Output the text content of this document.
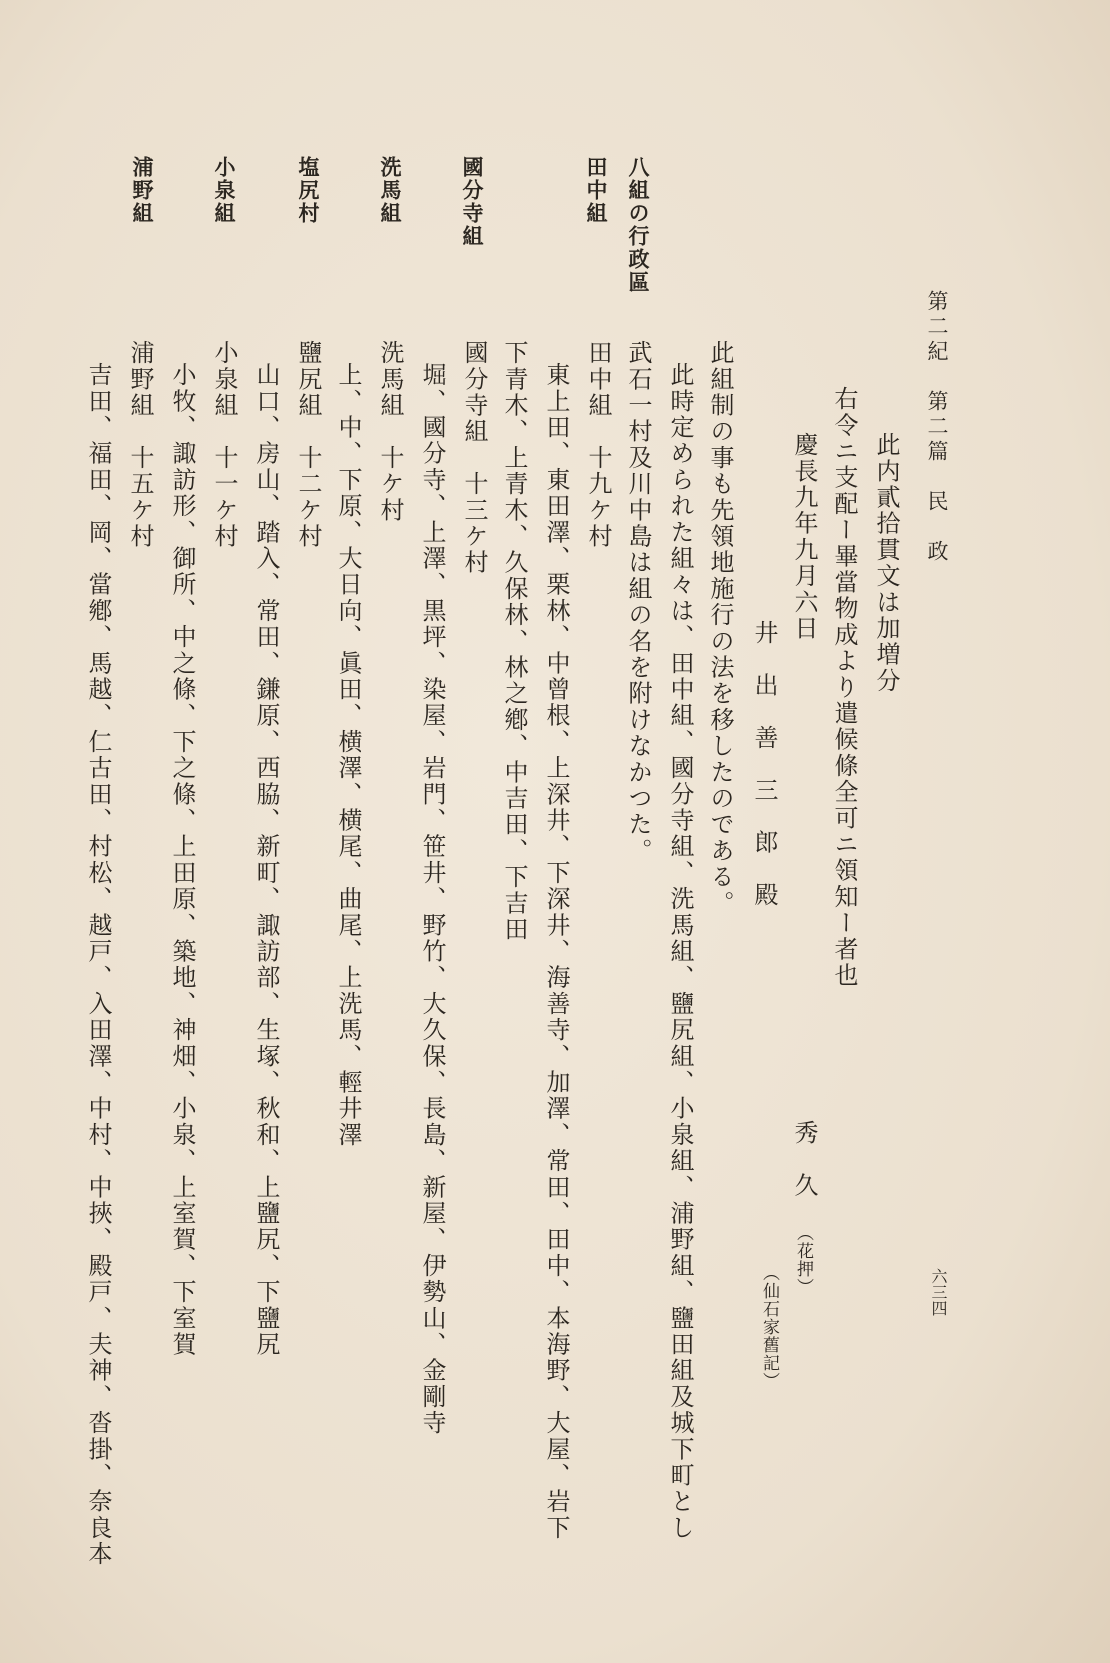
第二紀　第二篇　民　政
六三四
此内貳拾貫文は加増分
右令ニ支配ー畢當物成より遣候條全可ニ領知ー者也
慶長九年九月六日
井　出　善　三　郎　殿
秀　久
（花押）
（仙石家舊記）
此組制の事も先領地施行の法を移したのである。
此時定められた組々は、田中組、國分寺組、洗馬組、鹽尻組、小泉組、浦野組、鹽田組及城下町とし
武石一村及川中島は組の名を附けなかつた。
八組の行政區
田中組
國分寺組
洗馬組
塩尻村
小泉組
浦野組
田中組　十九ケ村
東上田、東田澤、栗林、中曾根、上深井、下深井、海善寺、加澤、常田、田中、本海野、大屋、岩下
下青木、上青木、久保林、林之鄕、中吉田、下吉田
國分寺組　十三ケ村
堀、國分寺、上澤、黒坪、染屋、岩門、笹井、野竹、大久保、長島、新屋、伊勢山、金剛寺
洗馬組　十ケ村
上、中、下原、大日向、眞田、横澤、横尾、曲尾、上洗馬、輕井澤
鹽尻組　十二ケ村
山口、房山、踏入、常田、鎌原、西脇、新町、諏訪部、生塚、秋和、上鹽尻、下鹽尻
小泉組　十一ケ村
小牧、諏訪形、御所、中之條、下之條、上田原、築地、神畑、小泉、上室賀、下室賀
浦野組　十五ケ村
吉田、福田、岡、當鄕、馬越、仁古田、村松、越戸、入田澤、中村、中挾、殿戸、夫神、沓掛、奈良本
